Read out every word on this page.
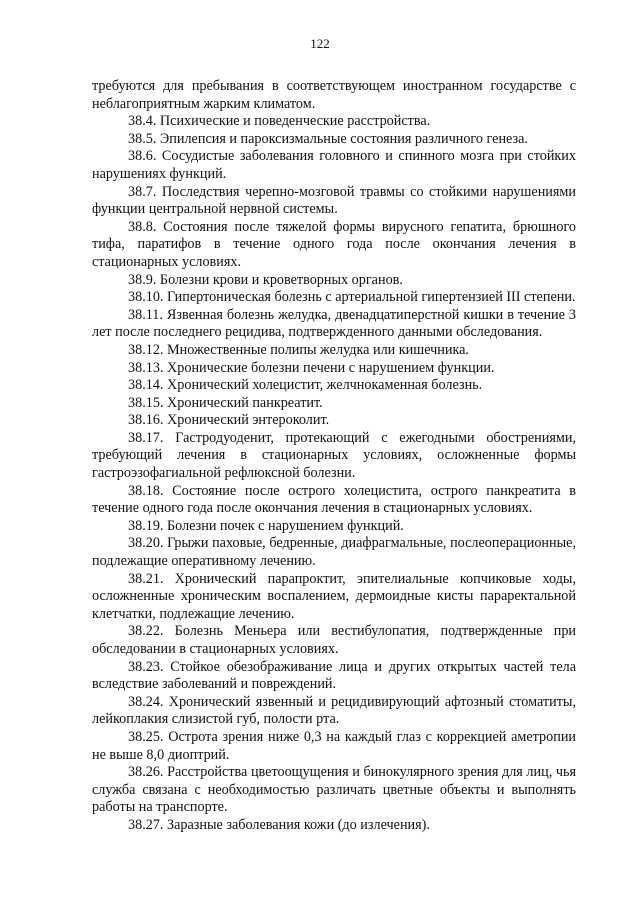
122

требуются для пребывания в соответствующем иностранном государстве с неблагоприятным жарким климатом.

38.4. Психические и поведенческие расстройства.

38.5. Эпилепсия и пароксизмальные состояния различного генеза.

38.6. Сосудистые заболевания головного и спинного мозга при стойких нарушениях функций.

38.7. Последствия черепно-мозговой травмы со стойкими нарушениями функции центральной нервной системы.

38.8. Состояния после тяжелой формы вирусного гепатита, брюшного тифа, паратифов в течение одного года после окончания лечения в стационарных условиях.

38.9. Болезни крови и кроветворных органов.

38.10. Гипертоническая болезнь с артериальной гипертензией III степени.

38.11. Язвенная болезнь желудка, двенадцатиперстной кишки в течение 3 лет после последнего рецидива, подтвержденного данными обследования.

38.12. Множественные полипы желудка или кишечника.

38.13. Хронические болезни печени с нарушением функции.

38.14. Хронический холецистит, желчнокаменная болезнь.

38.15. Хронический панкреатит.

38.16. Хронический энтероколит.

38.17. Гастродуоденит, протекающий с ежегодными обострениями, требующий лечения в стационарных условиях, осложненные формы гастроэзофагиальной рефлюксной болезни.

38.18. Состояние после острого холецистита, острого панкреатита в течение одного года после окончания лечения в стационарных условиях.

38.19. Болезни почек с нарушением функций.

38.20. Грыжи паховые, бедренные, диафрагмальные, послеоперационные, подлежащие оперативному лечению.

38.21. Хронический парапроктит, эпителиальные копчиковые ходы, осложненные хроническим воспалением, дермоидные кисты параректальной клетчатки, подлежащие лечению.

38.22. Болезнь Меньера или вестибулопатия, подтвержденные при обследовании в стационарных условиях.

38.23. Стойкое обезображивание лица и других открытых частей тела вследствие заболеваний и повреждений.

38.24. Хронический язвенный и рецидивирующий афтозный стоматиты, лейкоплакия слизистой губ, полости рта.

38.25. Острота зрения ниже 0,3 на каждый глаз с коррекцией аметропии не выше 8,0 диоптрий.

38.26. Расстройства цветоощущения и бинокулярного зрения для лиц, чья служба связана с необходимостью различать цветные объекты и выполнять работы на транспорте.

38.27. Заразные заболевания кожи (до излечения).
